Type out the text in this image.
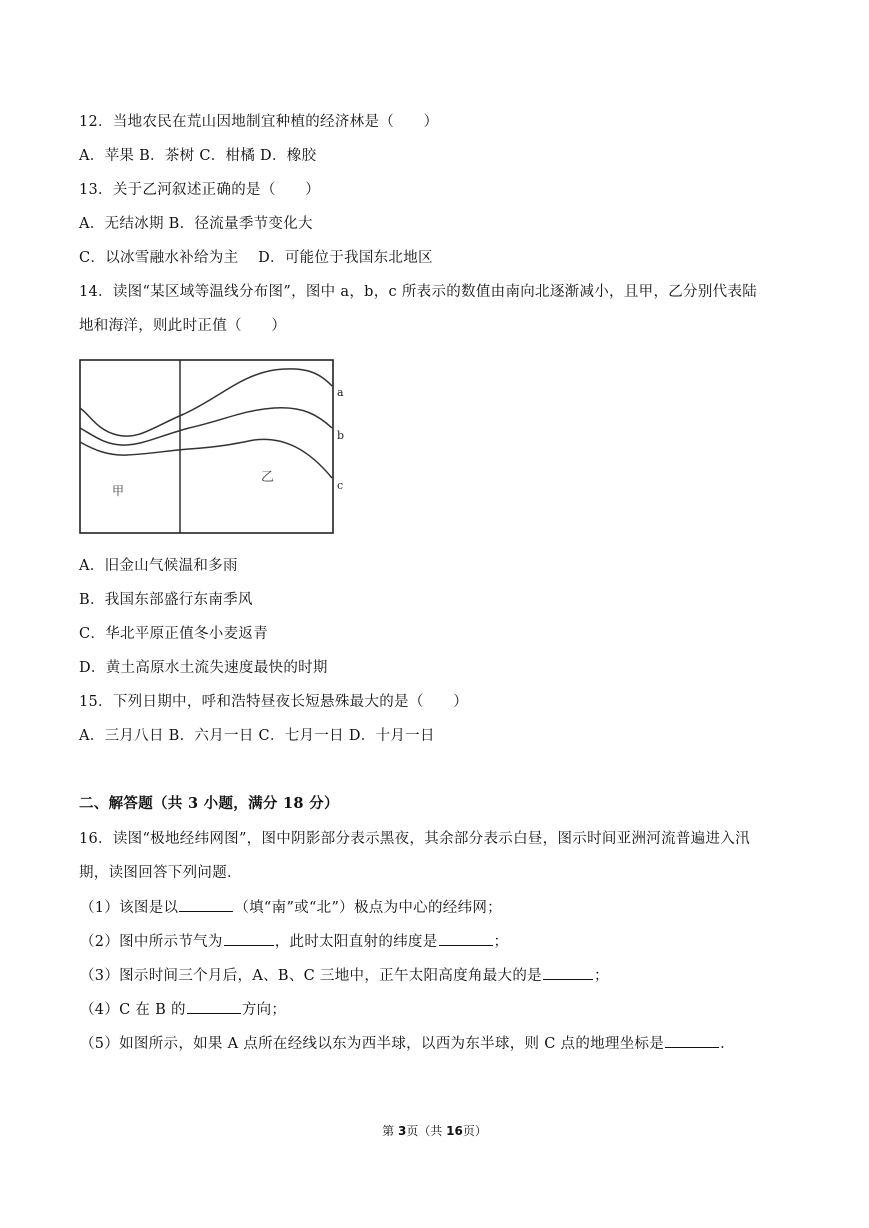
12．当地农民在荒山因地制宜种植的经济林是（　　）
A．苹果 B．茶树 C．柑橘 D．橡胶
13．关于乙河叙述正确的是（　　）
A．无结冰期 B．径流量季节变化大
C．以冰雪融水补给为主　 D．可能位于我国东北地区
14．读图“某区域等温线分布图”，图中 a，b，c 所表示的数值由南向北逐渐减小，且甲，乙分别代表陆
地和海洋，则此时正值（　　）
a
b
c
甲
乙
A．旧金山气候温和多雨
B．我国东部盛行东南季风
C．华北平原正值冬小麦返青
D．黄土高原水土流失速度最快的时期
15．下列日期中，呼和浩特昼夜长短悬殊最大的是（　　）
A．三月八日 B．六月一日 C．七月一日 D．十月一日
二、解答题（共 3 小题，满分 18 分）
16．读图“极地经纬网图”，图中阴影部分表示黑夜，其余部分表示白昼，图示时间亚洲河流普遍进入汛
期，读图回答下列问题．
（1）该图是以	（填“南”或“北”）极点为中心的经纬网；
（2）图中所示节气为	，此时太阳直射的纬度是	；
（3）图示时间三个月后，A、B、C 三地中，正午太阳高度角最大的是	；
（4）C 在 B 的	方向；
（5）如图所示，如果 A 点所在经线以东为西半球，以西为东半球，则 C 点的地理坐标是	．
第 3页（共 16页）
